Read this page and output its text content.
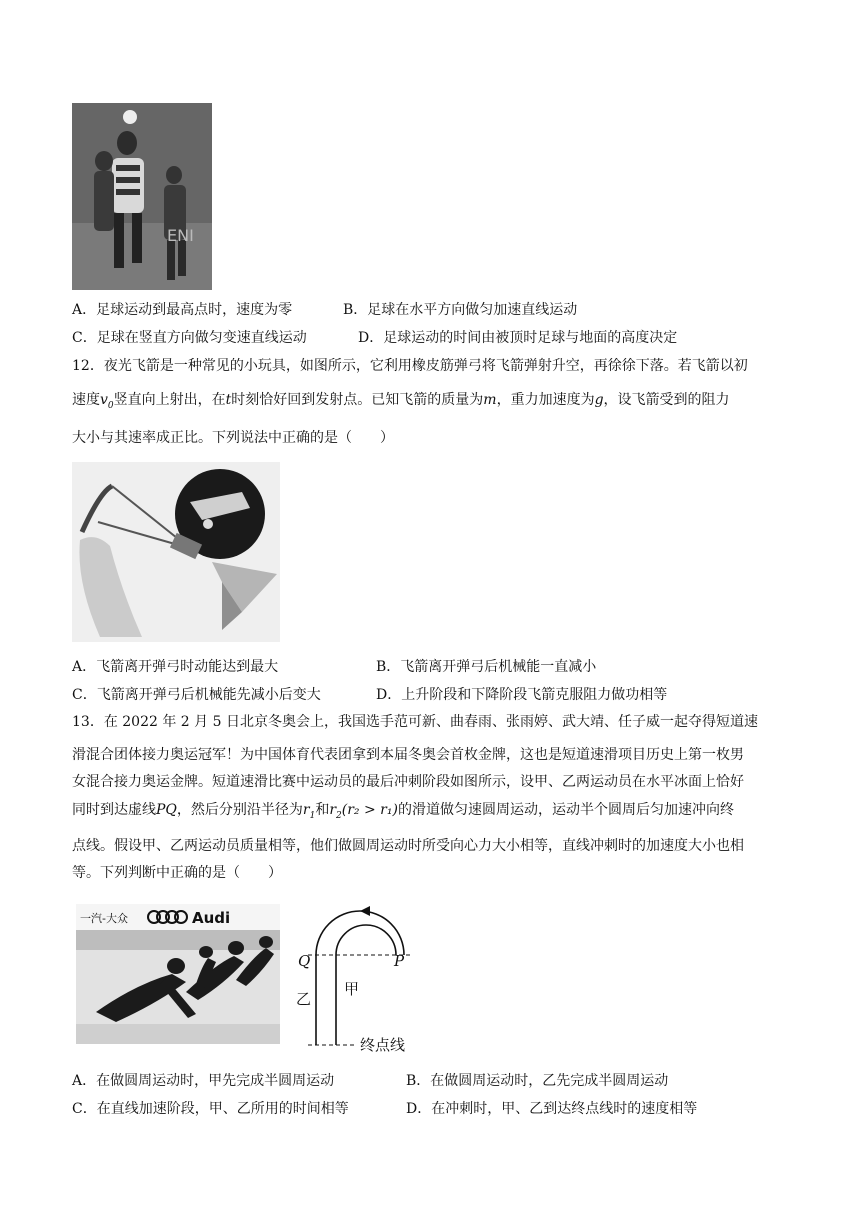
ENI
A．足球运动到最高点时，速度为零	B．足球在水平方向做匀加速直线运动
C．足球在竖直方向做匀变速直线运动	D．足球运动的时间由被顶时足球与地面的高度决定
12．夜光飞箭是一种常见的小玩具，如图所示，它利用橡皮筋弹弓将飞箭弹射升空，再徐徐下落。若飞箭以初
速度$v_0$竖直向上射出，在t时刻恰好回到发射点。已知飞箭的质量为m，重力加速度为g，设飞箭受到的阻力
大小与其速率成正比。下列说法中正确的是（　　）
A．飞箭离开弹弓时动能达到最大	B．飞箭离开弹弓后机械能一直减小
C．飞箭离开弹弓后机械能先减小后变大	D．上升阶段和下降阶段飞箭克服阻力做功相等
13．在 2022 年 2 月 5 日北京冬奥会上，我国选手范可新、曲春雨、张雨婷、武大靖、任子威一起夺得短道速
滑混合团体接力奥运冠军！为中国体育代表团拿到本届冬奥会首枚金牌，这也是短道速滑项目历史上第一枚男
女混合接力奥运金牌。短道速滑比赛中运动员的最后冲刺阶段如图所示，设甲、乙两运动员在水平冰面上恰好
同时到达虚线PQ，然后分别沿半径为$r_1$和$r_2(r_2 > r_1)$的滑道做匀速圆周运动，运动半个圆周后匀加速冲向终
点线。假设甲、乙两运动员质量相等，他们做圆周运动时所受向心力大小相等，直线冲刺时的加速度大小也相
等。下列判断中正确的是（　　）
一汽-大众	Audi
Q	P
乙
甲
终点线
A．在做圆周运动时，甲先完成半圆周运动	B．在做圆周运动时，乙先完成半圆周运动
C．在直线加速阶段，甲、乙所用的时间相等	D．在冲刺时，甲、乙到达终点线时的速度相等
